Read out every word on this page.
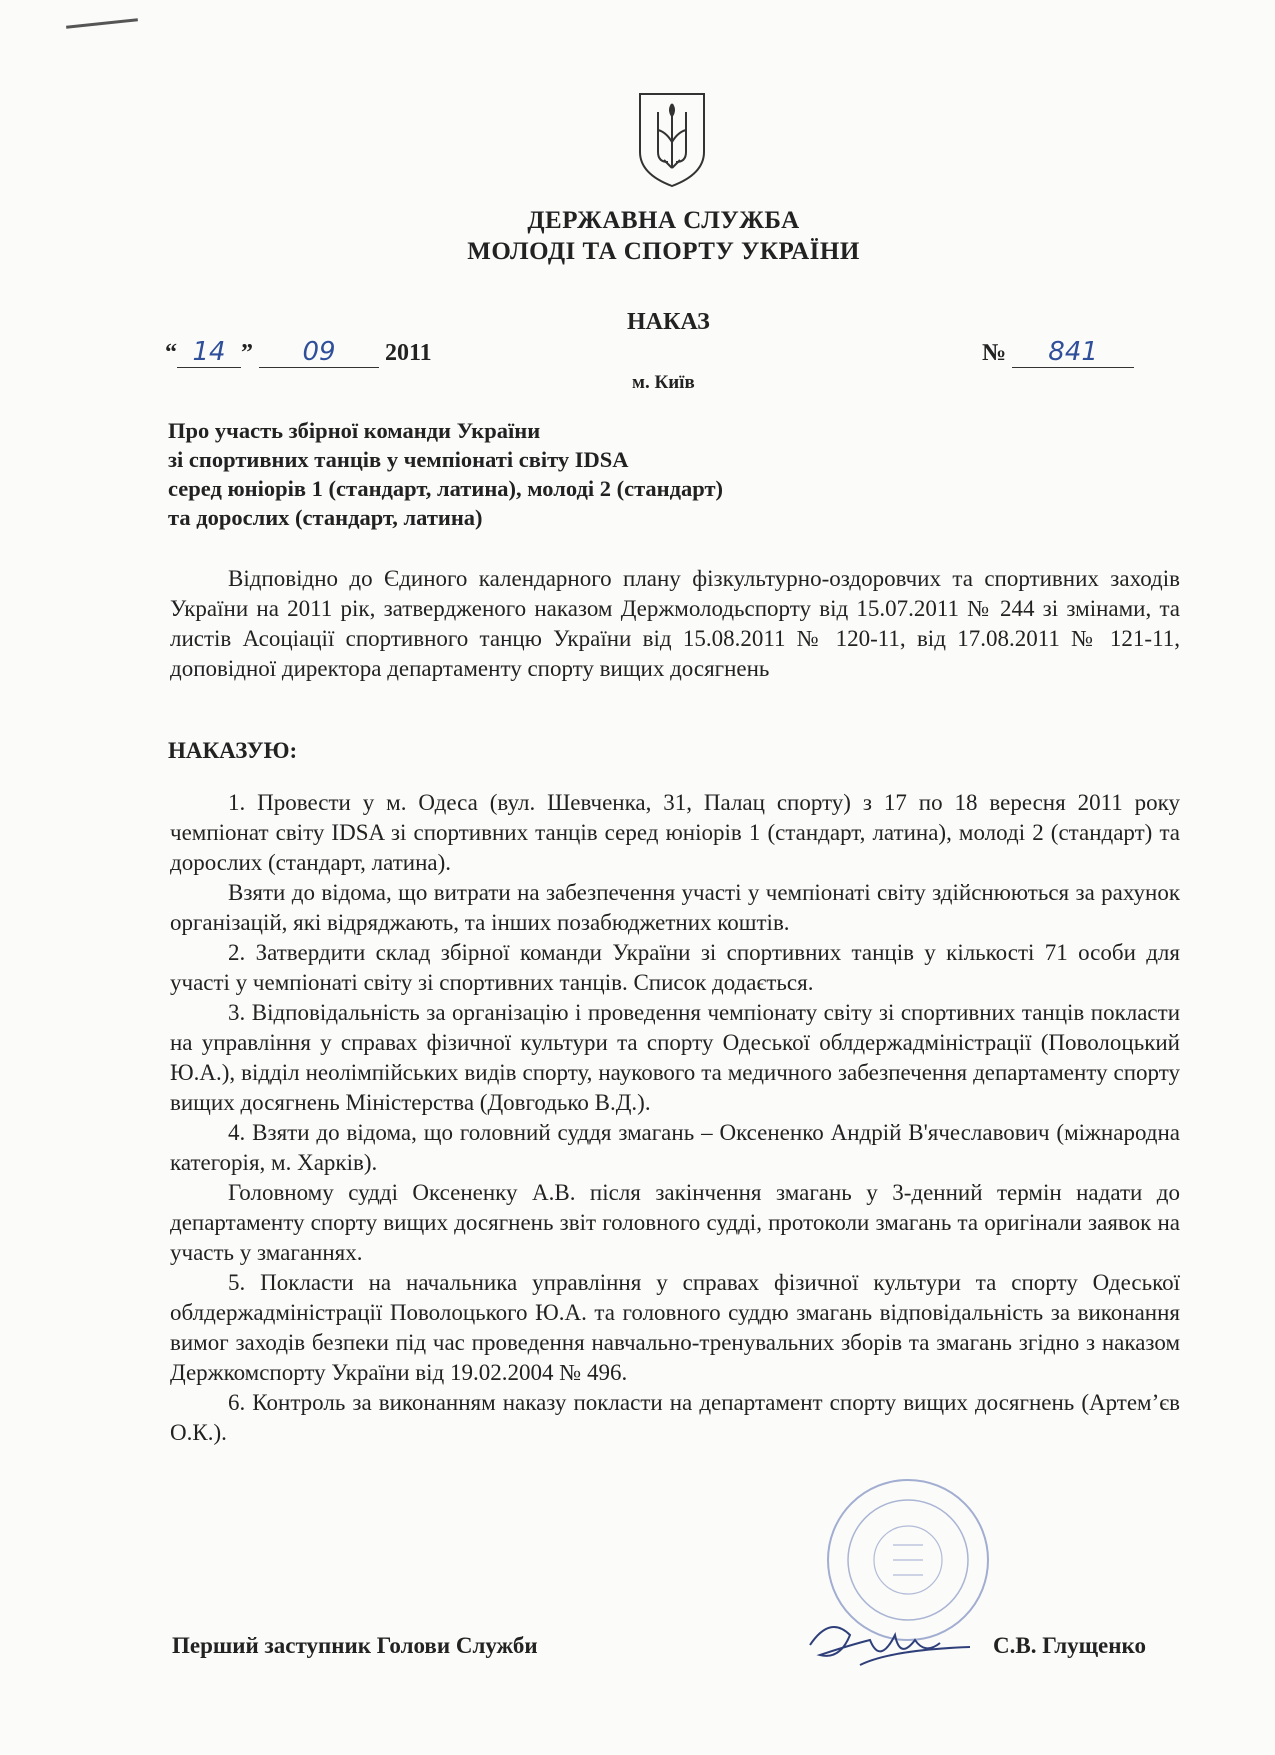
ДЕРЖАВНА СЛУЖБА
МОЛОДІ ТА СПОРТУ УКРАЇНИ
НАКАЗ
“ 14 ” 09 2011	№ 841
м. Київ
Про участь збірної команди України
зі спортивних танців у чемпіонаті світу IDSA
серед юніорів 1 (стандарт, латина), молоді 2 (стандарт)
та дорослих (стандарт, латина)

Відповідно до Єдиного календарного плану фізкультурно-оздоровчих та спортивних заходів України на 2011 рік, затвердженого наказом Держмолодьспорту від 15.07.2011 № 244 зі змінами, та листів Асоціації спортивного танцю України від 15.08.2011 № 120-11, від 17.08.2011 № 121-11, доповідної директора департаменту спорту вищих досягнень

НАКАЗУЮ:

1. Провести у м. Одеса (вул. Шевченка, 31, Палац спорту) з 17 по 18 вересня 2011 року чемпіонат світу IDSA зі спортивних танців серед юніорів 1 (стандарт, латина), молоді 2 (стандарт) та дорослих (стандарт, латина).

Взяти до відома, що витрати на забезпечення участі у чемпіонаті світу здійснюються за рахунок організацій, які відряджають, та інших позабюджетних коштів.

2. Затвердити склад збірної команди України зі спортивних танців у кількості 71 особи для участі у чемпіонаті світу зі спортивних танців. Список додається.

3. Відповідальність за організацію і проведення чемпіонату світу зі спортивних танців покласти на управління у справах фізичної культури та спорту Одеської облдержадміністрації (Поволоцький Ю.А.), відділ неолімпійських видів спорту, наукового та медичного забезпечення департаменту спорту вищих досягнень Міністерства (Довгодько В.Д.).

4. Взяти до відома, що головний суддя змагань – Оксененко Андрій В'ячеславович (міжнародна категорія, м. Харків).

Головному судді Оксененку А.В. після закінчення змагань у 3-денний термін надати до департаменту спорту вищих досягнень звіт головного судді, протоколи змагань та оригінали заявок на участь у змаганнях.

5. Покласти на начальника управління у справах фізичної культури та спорту Одеської облдержадміністрації Поволоцького Ю.А. та головного суддю змагань відповідальність за виконання вимог заходів безпеки під час проведення навчально-тренувальних зборів та змагань згідно з наказом Держкомспорту України від 19.02.2004 № 496.

6. Контроль за виконанням наказу покласти на департамент спорту вищих досягнень (Артем’єв О.К.).

Перший заступник Голови Служби	С.В. Глущенко
